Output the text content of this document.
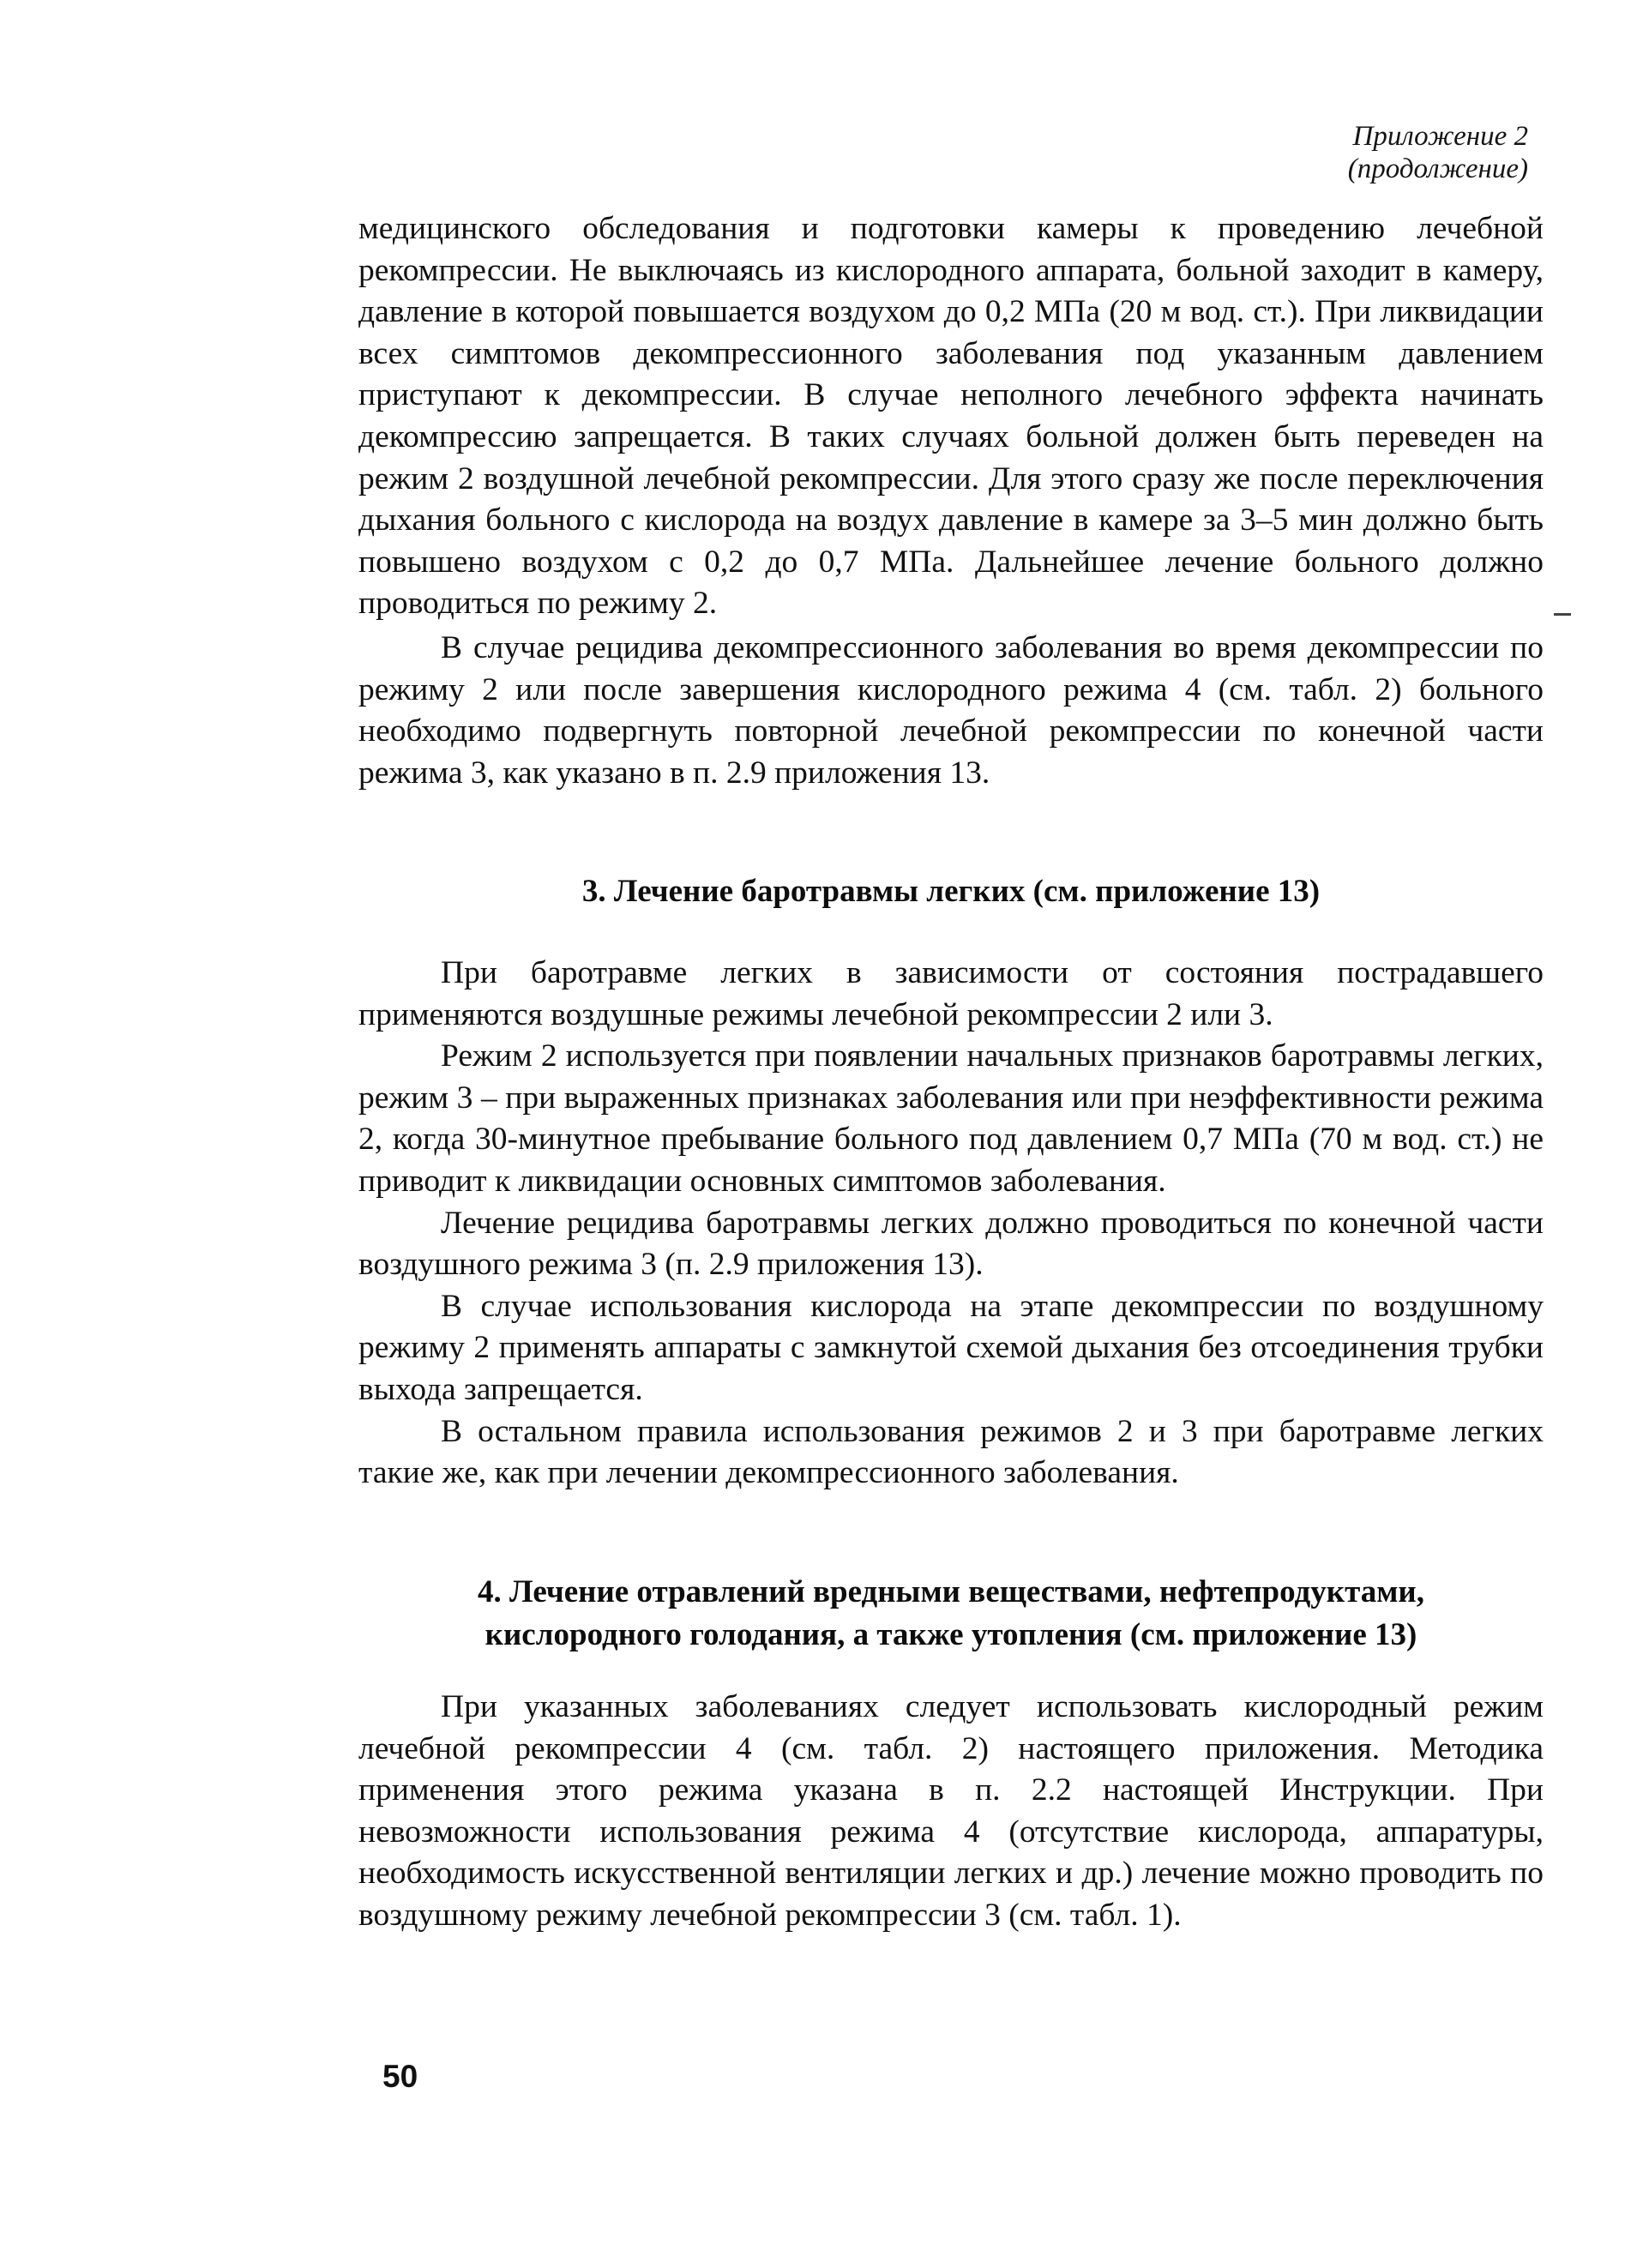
Приложение 2
(продолжение)

медицинского обследования и подготовки камеры к проведению лечебной рекомпрессии. Не выключаясь из кислородного аппарата, больной заходит в камеру, давление в которой повышается воздухом до 0,2 МПа (20 м вод. ст.). При ликвидации всех симптомов декомпрессионного заболевания под указанным давлением приступают к декомпрессии. В случае неполного лечебного эффекта начинать декомпрессию запрещается. В таких случаях больной должен быть переведен на режим 2 воздушной лечебной рекомпрессии. Для этого сразу же после переключения дыхания больного с кислорода на воздух давление в камере за 3–5 мин должно быть повышено воздухом с 0,2 до 0,7 МПа. Дальнейшее лечение больного должно проводиться по режиму 2.

В случае рецидива декомпрессионного заболевания во время декомпрессии по режиму 2 или после завершения кислородного режима 4 (см. табл. 2) больного необходимо подвергнуть повторной лечебной рекомпрессии по конечной части режима 3, как указано в п. 2.9 приложения 13.

3. Лечение баротравмы легких (см. приложение 13)

При баротравме легких в зависимости от состояния пострадавшего применяются воздушные режимы лечебной рекомпрессии 2 или 3.

Режим 2 используется при появлении начальных признаков баротравмы легких, режим 3 – при выраженных признаках заболевания или при неэффективности режима 2, когда 30-минутное пребывание больного под давлением 0,7 МПа (70 м вод. ст.) не приводит к ликвидации основных симптомов заболевания.

Лечение рецидива баротравмы легких должно проводиться по конечной части воздушного режима 3 (п. 2.9 приложения 13).

В случае использования кислорода на этапе декомпрессии по воздушному режиму 2 применять аппараты с замкнутой схемой дыхания без отсоединения трубки выхода запрещается.

В остальном правила использования режимов 2 и 3 при баротравме легких такие же, как при лечении декомпрессионного заболевания.

4. Лечение отравлений вредными веществами, нефтепродуктами,
кислородного голодания, а также утопления (см. приложение 13)

При указанных заболеваниях следует использовать кислородный режим лечебной рекомпрессии 4 (см. табл. 2) настоящего приложения. Методика применения этого режима указана в п. 2.2 настоящей Инструкции. При невозможности использования режима 4 (отсутствие кислорода, аппаратуры, необходимость искусственной вентиляции легких и др.) лечение можно проводить по воздушному режиму лечебной рекомпрессии 3 (см. табл. 1).

50
